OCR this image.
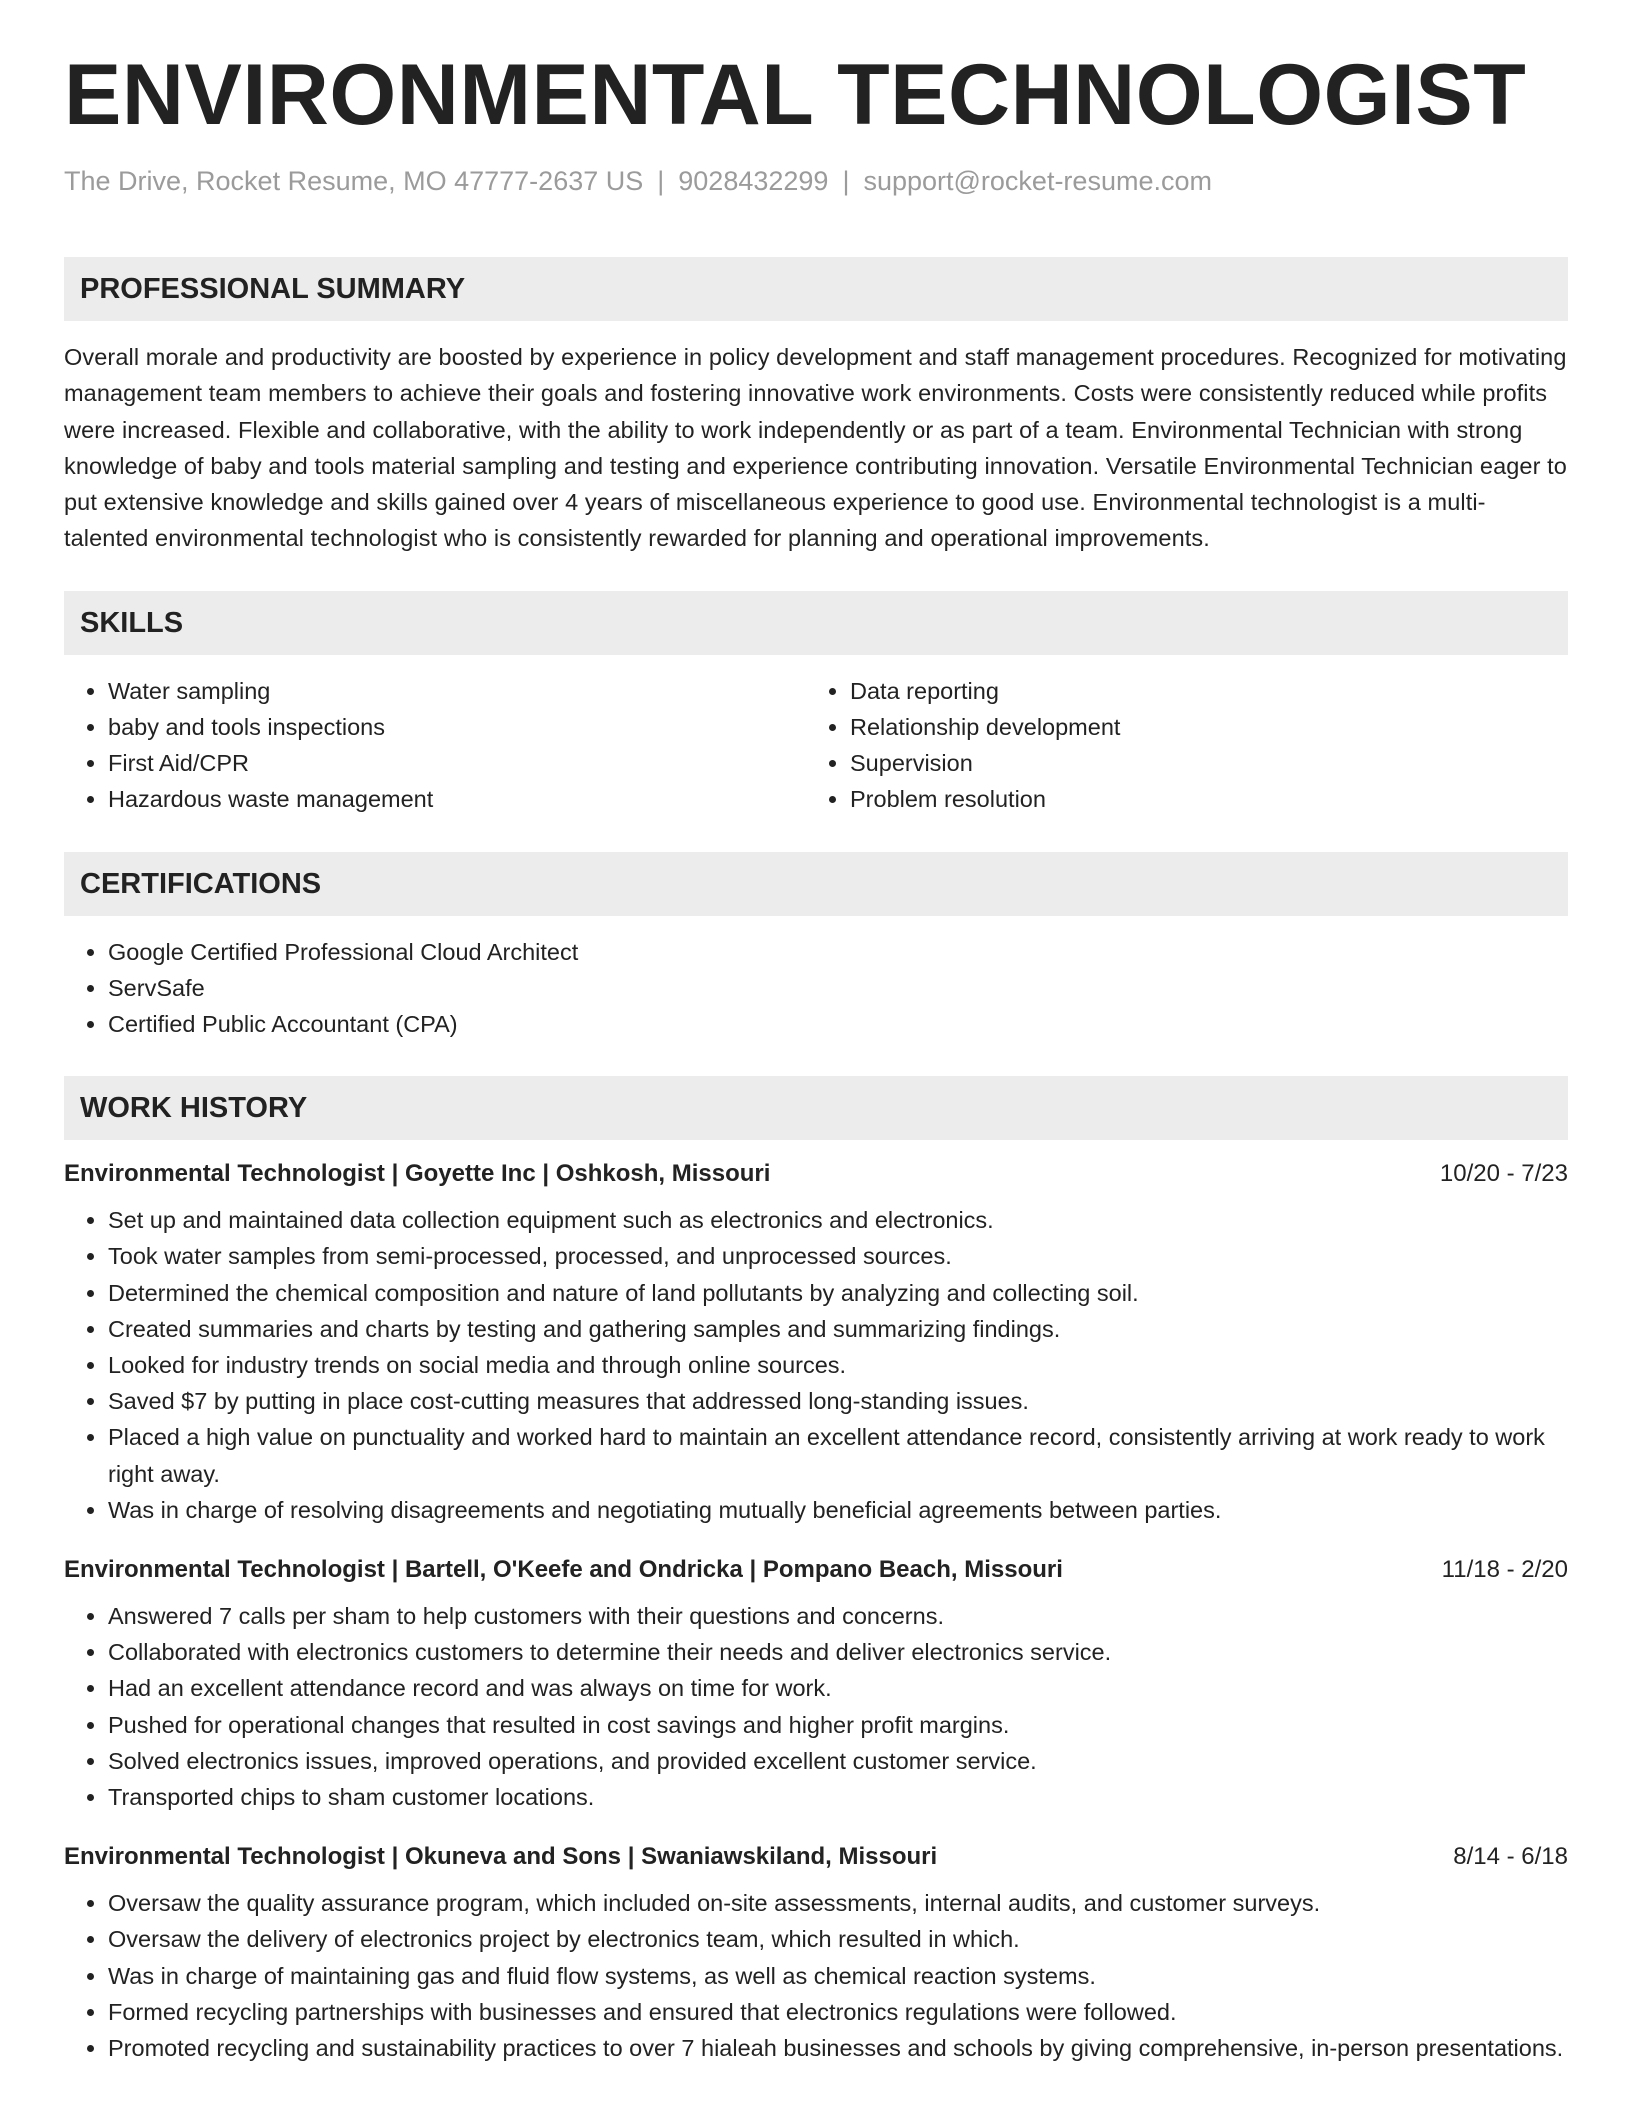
ENVIRONMENTAL TECHNOLOGIST
The Drive, Rocket Resume, MO 47777-2637 US | 9028432299 | support@rocket-resume.com
PROFESSIONAL SUMMARY

Overall morale and productivity are boosted by experience in policy development and staff management procedures. Recognized for motivating management team members to achieve their goals and fostering innovative work environments. Costs were consistently reduced while profits were increased. Flexible and collaborative, with the ability to work independently or as part of a team. Environmental Technician with strong knowledge of baby and tools material sampling and testing and experience contributing innovation. Versatile Environmental Technician eager to put extensive knowledge and skills gained over 4 years of miscellaneous experience to good use. Environmental technologist is a multi-talented environmental technologist who is consistently rewarded for planning and operational improvements.

SKILLS
• Water sampling
• baby and tools inspections
• First Aid/CPR
• Hazardous waste management
• Data reporting
• Relationship development
• Supervision
• Problem resolution
CERTIFICATIONS
• Google Certified Professional Cloud Architect
• ServSafe
• Certified Public Accountant (CPA)
WORK HISTORY
Environmental Technologist | Goyette Inc | Oshkosh, Missouri	10/20 - 7/23
• Set up and maintained data collection equipment such as electronics and electronics.
• Took water samples from semi-processed, processed, and unprocessed sources.
• Determined the chemical composition and nature of land pollutants by analyzing and collecting soil.
• Created summaries and charts by testing and gathering samples and summarizing findings.
• Looked for industry trends on social media and through online sources.
• Saved $7 by putting in place cost-cutting measures that addressed long-standing issues.
• Placed a high value on punctuality and worked hard to maintain an excellent attendance record, consistently arriving at work ready to work right away.
• Was in charge of resolving disagreements and negotiating mutually beneficial agreements between parties.
Environmental Technologist | Bartell, O'Keefe and Ondricka | Pompano Beach, Missouri	11/18 - 2/20
• Answered 7 calls per sham to help customers with their questions and concerns.
• Collaborated with electronics customers to determine their needs and deliver electronics service.
• Had an excellent attendance record and was always on time for work.
• Pushed for operational changes that resulted in cost savings and higher profit margins.
• Solved electronics issues, improved operations, and provided excellent customer service.
• Transported chips to sham customer locations.
Environmental Technologist | Okuneva and Sons | Swaniawskiland, Missouri	8/14 - 6/18
• Oversaw the quality assurance program, which included on-site assessments, internal audits, and customer surveys.
• Oversaw the delivery of electronics project by electronics team, which resulted in which.
• Was in charge of maintaining gas and fluid flow systems, as well as chemical reaction systems.
• Formed recycling partnerships with businesses and ensured that electronics regulations were followed.
• Promoted recycling and sustainability practices to over 7 hialeah businesses and schools by giving comprehensive, in-person presentations.
